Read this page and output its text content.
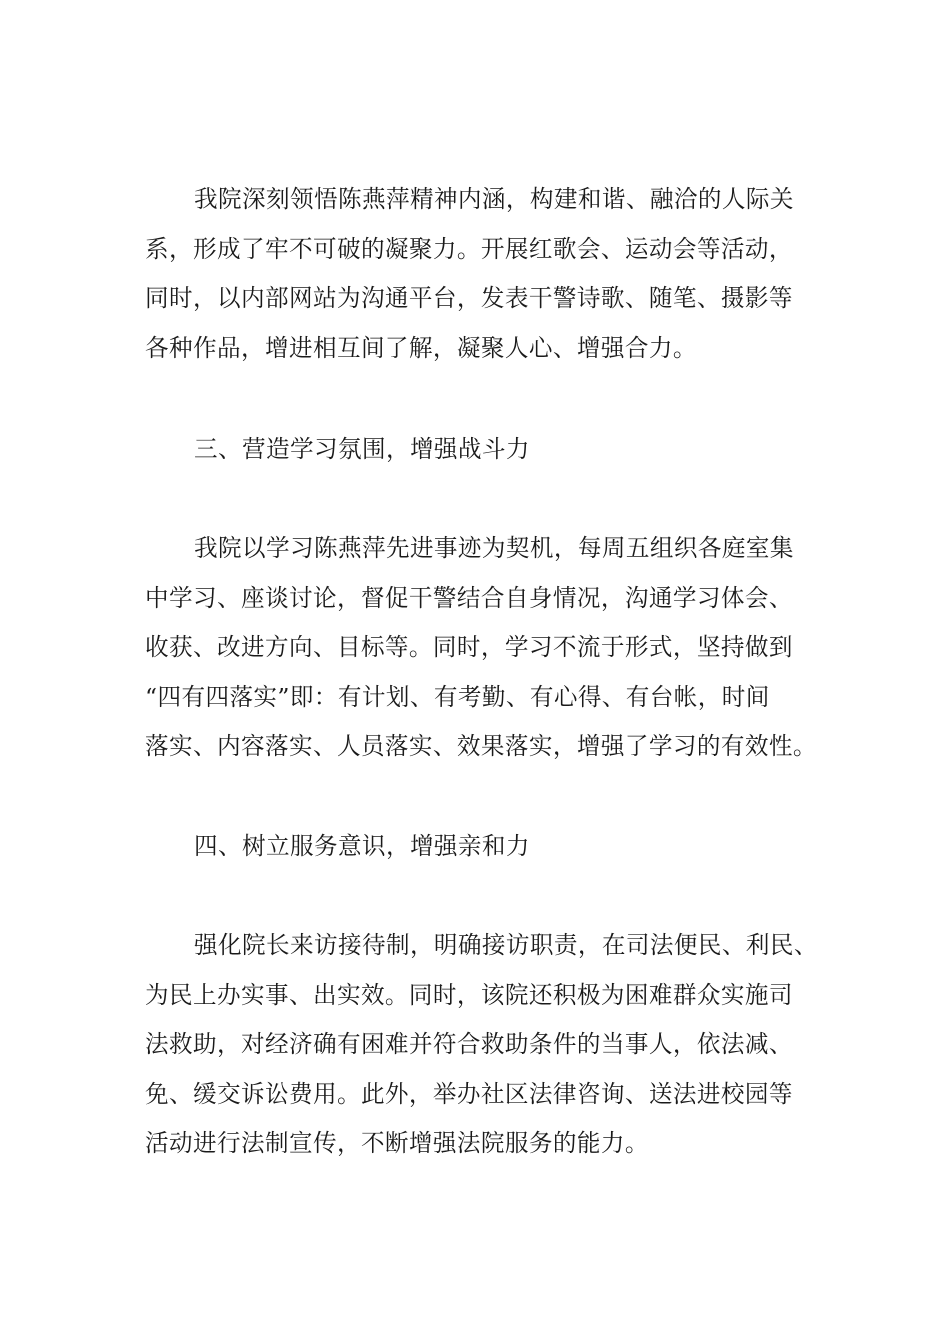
我院深刻领悟陈燕萍精神内涵，构建和谐、融洽的人际关
系，形成了牢不可破的凝聚力。开展红歌会、运动会等活动，
同时，以内部网站为沟通平台，发表干警诗歌、随笔、摄影等
各种作品，增进相互间了解，凝聚人心、增强合力。
三、营造学习氛围，增强战斗力
我院以学习陈燕萍先进事迹为契机，每周五组织各庭室集
中学习、座谈讨论，督促干警结合自身情况，沟通学习体会、
收获、改进方向、目标等。同时，学习不流于形式，坚持做到
“四有四落实”即：有计划、有考勤、有心得、有台帐，时间
落实、内容落实、人员落实、效果落实，增强了学习的有效性。
四、树立服务意识，增强亲和力
强化院长来访接待制，明确接访职责，在司法便民、利民、
为民上办实事、出实效。同时，该院还积极为困难群众实施司
法救助，对经济确有困难并符合救助条件的当事人，依法减、
免、缓交诉讼费用。此外，举办社区法律咨询、送法进校园等
活动进行法制宣传，不断增强法院服务的能力。
